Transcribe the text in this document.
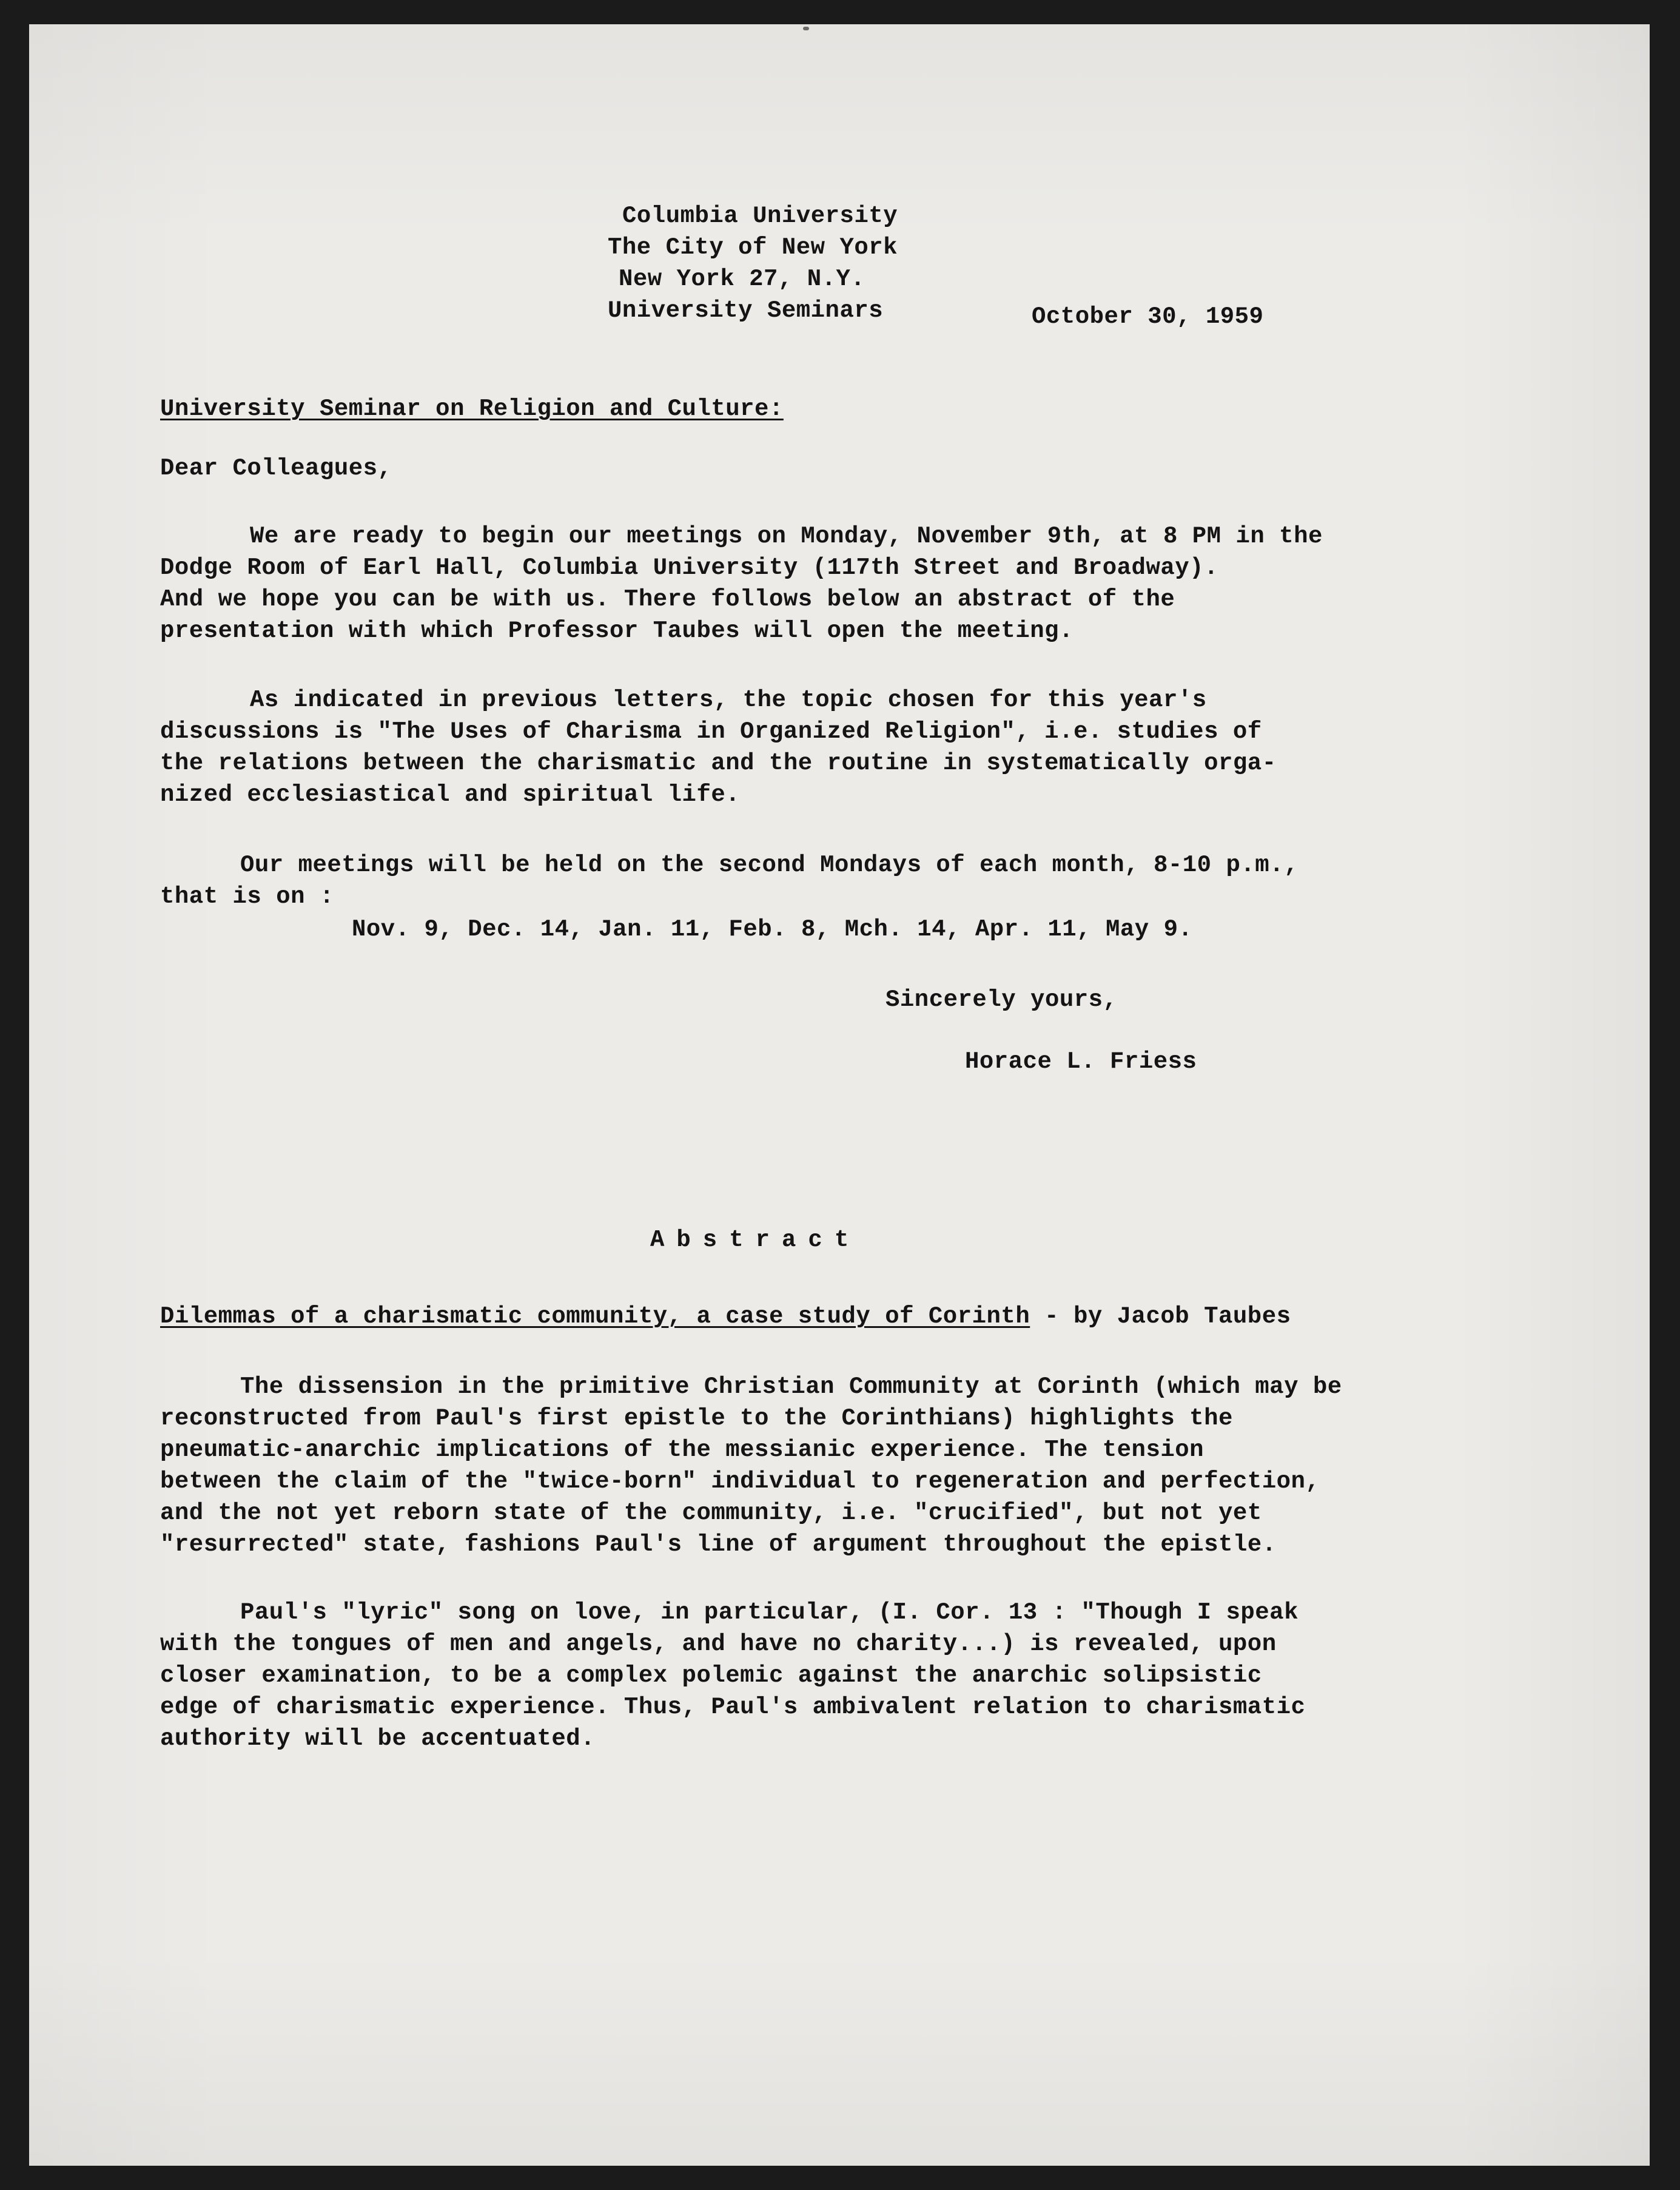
Columbia University

The City of New York

New York 27, N.Y.

University Seminars	October 30, 1959

University Seminar on Religion and Culture:

Dear Colleagues,

We are ready to begin our meetings on Monday, November 9th, at 8 PM in the

Dodge Room of Earl Hall, Columbia University (117th Street and Broadway).

And we hope you can be with us. There follows below an abstract of the

presentation with which Professor Taubes will open the meeting.

As indicated in previous letters, the topic chosen for this year's

discussions is "The Uses of Charisma in Organized Religion", i.e. studies of

the relations between the charismatic and the routine in systematically orga-

nized ecclesiastical and spiritual life.

Our meetings will be held on the second Mondays of each month, 8-10 p.m.,

that is on :

Nov. 9, Dec. 14, Jan. 11, Feb. 8, Mch. 14, Apr. 11, May 9.

Sincerely yours,

Horace L. Friess

Abstract

Dilemmas of a charismatic community, a case study of Corinth - by Jacob Taubes

The dissension in the primitive Christian Community at Corinth (which may be

reconstructed from Paul's first epistle to the Corinthians) highlights the

pneumatic-anarchic implications of the messianic experience. The tension

between the claim of the "twice-born" individual to regeneration and perfection,

and the not yet reborn state of the community, i.e. "crucified", but not yet

"resurrected" state, fashions Paul's line of argument throughout the epistle.

Paul's "lyric" song on love, in particular, (I. Cor. 13 : "Though I speak

with the tongues of men and angels, and have no charity...) is revealed, upon

closer examination, to be a complex polemic against the anarchic solipsistic

edge of charismatic experience. Thus, Paul's ambivalent relation to charismatic

authority will be accentuated.
